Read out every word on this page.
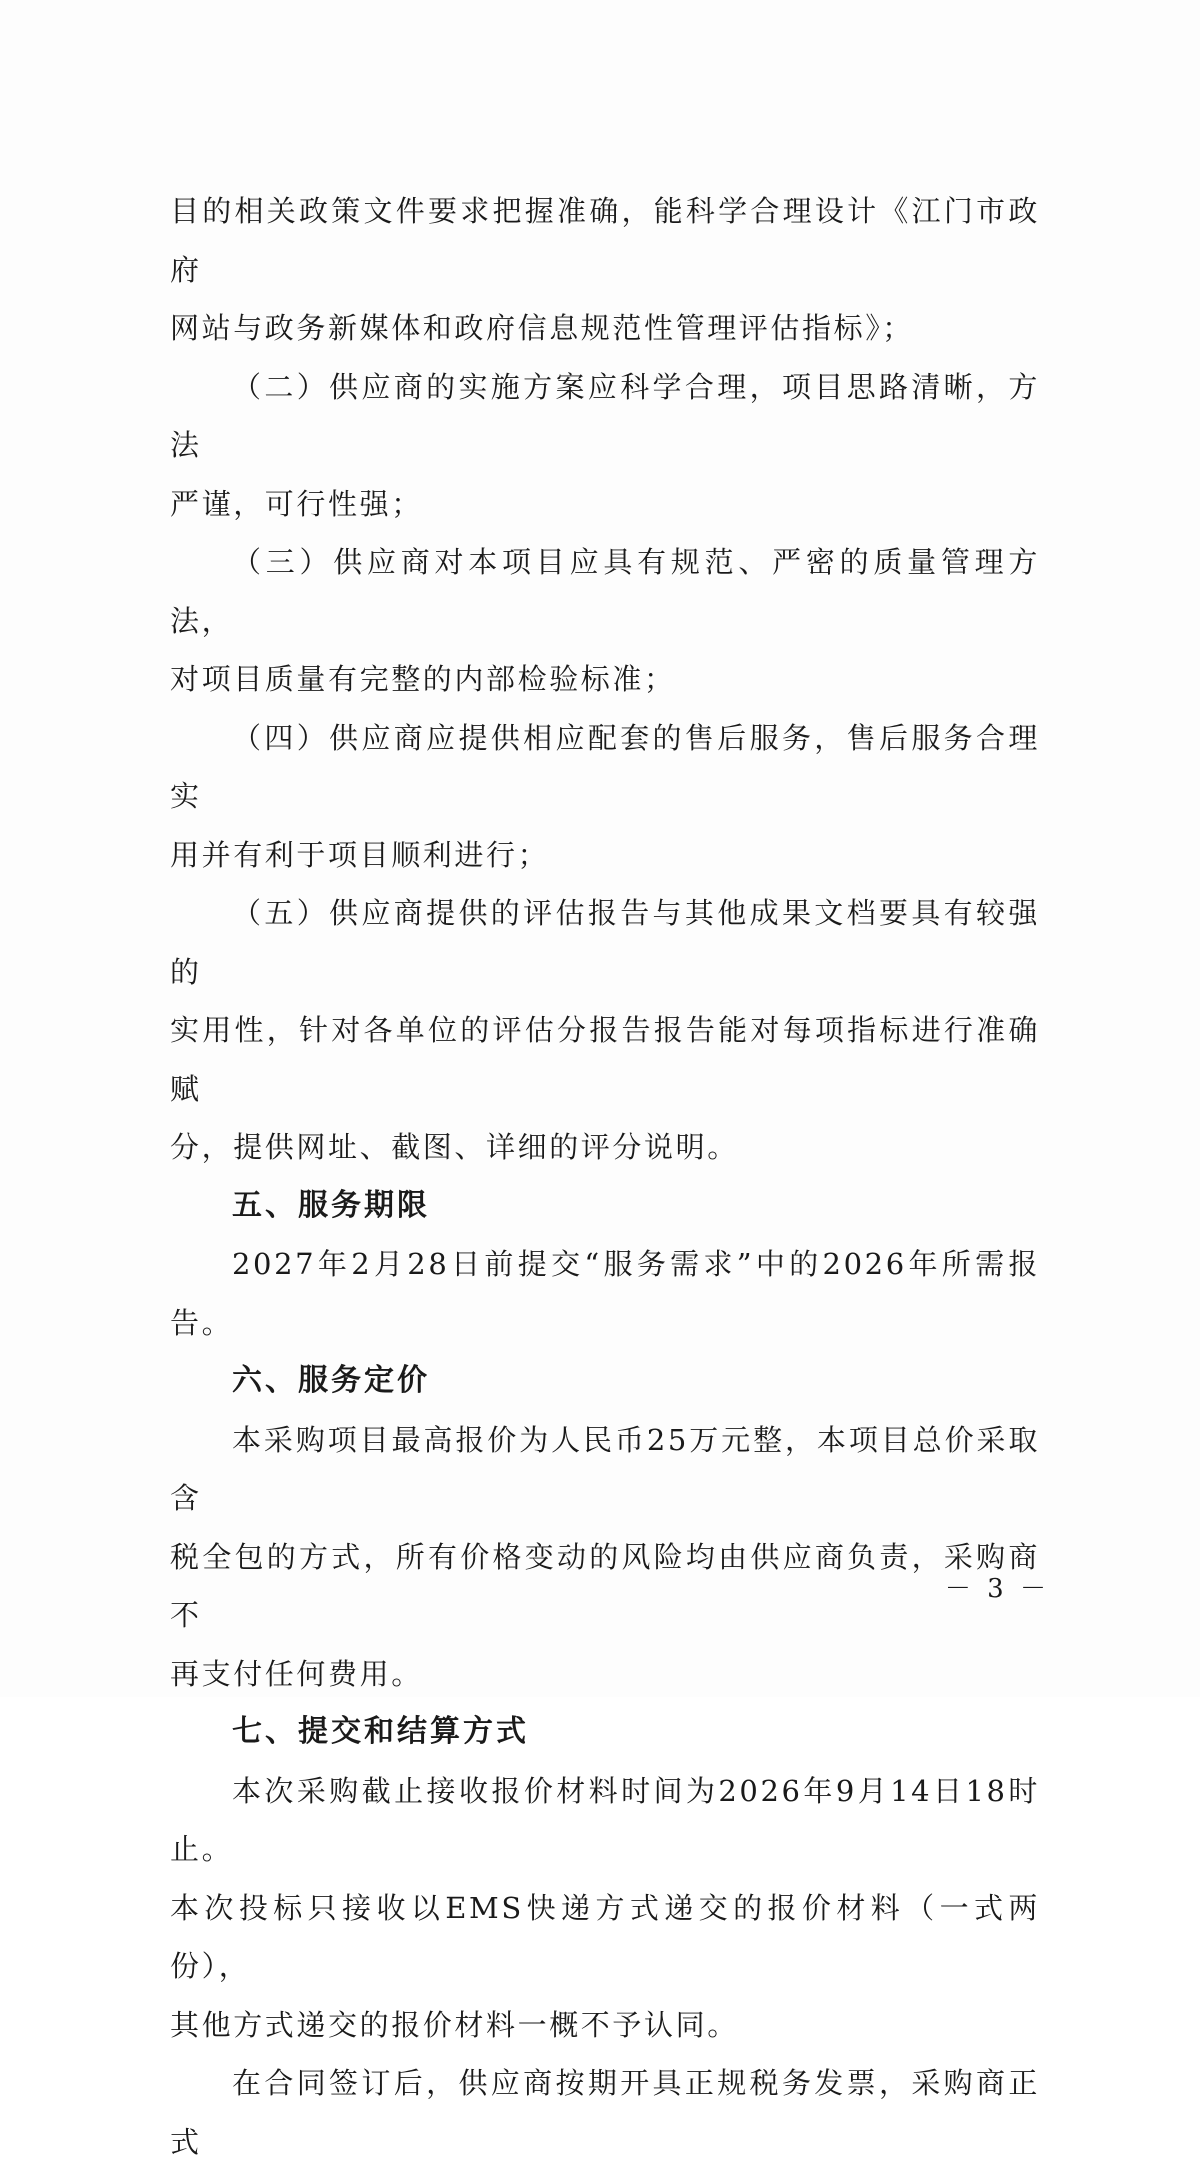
目的相关政策文件要求把握准确，能科学合理设计《江门市政府
网站与政务新媒体和政府信息规范性管理评估指标》；

（二）供应商的实施方案应科学合理，项目思路清晰，方法
严谨，可行性强；

（三）供应商对本项目应具有规范、严密的质量管理方法，
对项目质量有完整的内部检验标准；

（四）供应商应提供相应配套的售后服务，售后服务合理实
用并有利于项目顺利进行；

（五）供应商提供的评估报告与其他成果文档要具有较强的
实用性，针对各单位的评估分报告报告能对每项指标进行准确赋
分，提供网址、截图、详细的评分说明。

五、服务期限

2027年2月28日前提交“服务需求”中的2026年所需报告。

六、服务定价

本采购项目最高报价为人民币25万元整，本项目总价采取含
税全包的方式，所有价格变动的风险均由供应商负责，采购商不
再支付任何费用。

七、提交和结算方式

本次采购截止接收报价材料时间为2026年9月14日18时止。
本次投标只接收以EMS快递方式递交的报价材料（一式两份），
其他方式递交的报价材料一概不予认同。

在合同签订后，供应商按期开具正规税务发票，采购商正式

－ 3 －
